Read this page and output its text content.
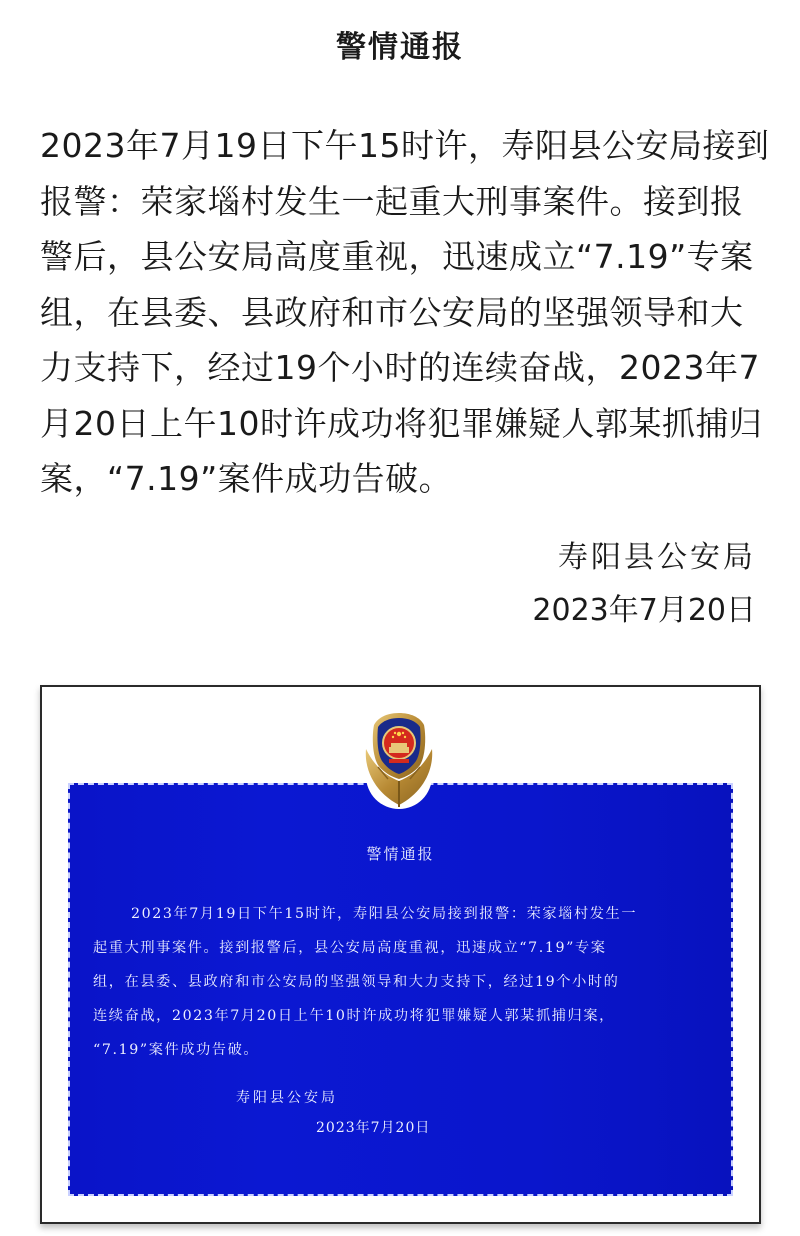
警情通报
2023年7月19日下午15时许，寿阳县公安局接到
报警：荣家堖村发生一起重大刑事案件。接到报
警后，县公安局高度重视，迅速成立“7.19”专案
组，在县委、县政府和市公安局的坚强领导和大
力支持下，经过19个小时的连续奋战，2023年7
月20日上午10时许成功将犯罪嫌疑人郭某抓捕归
案，“7.19”案件成功告破。
寿阳县公安局
2023年7月20日
警情通报
2023年7月19日下午15时许，寿阳县公安局接到报警：荣家堖村发生一
起重大刑事案件。接到报警后，县公安局高度重视，迅速成立“7.19”专案
组，在县委、县政府和市公安局的坚强领导和大力支持下，经过19个小时的
连续奋战，2023年7月20日上午10时许成功将犯罪嫌疑人郭某抓捕归案，
“7.19”案件成功告破。
寿阳县公安局
2023年7月20日
